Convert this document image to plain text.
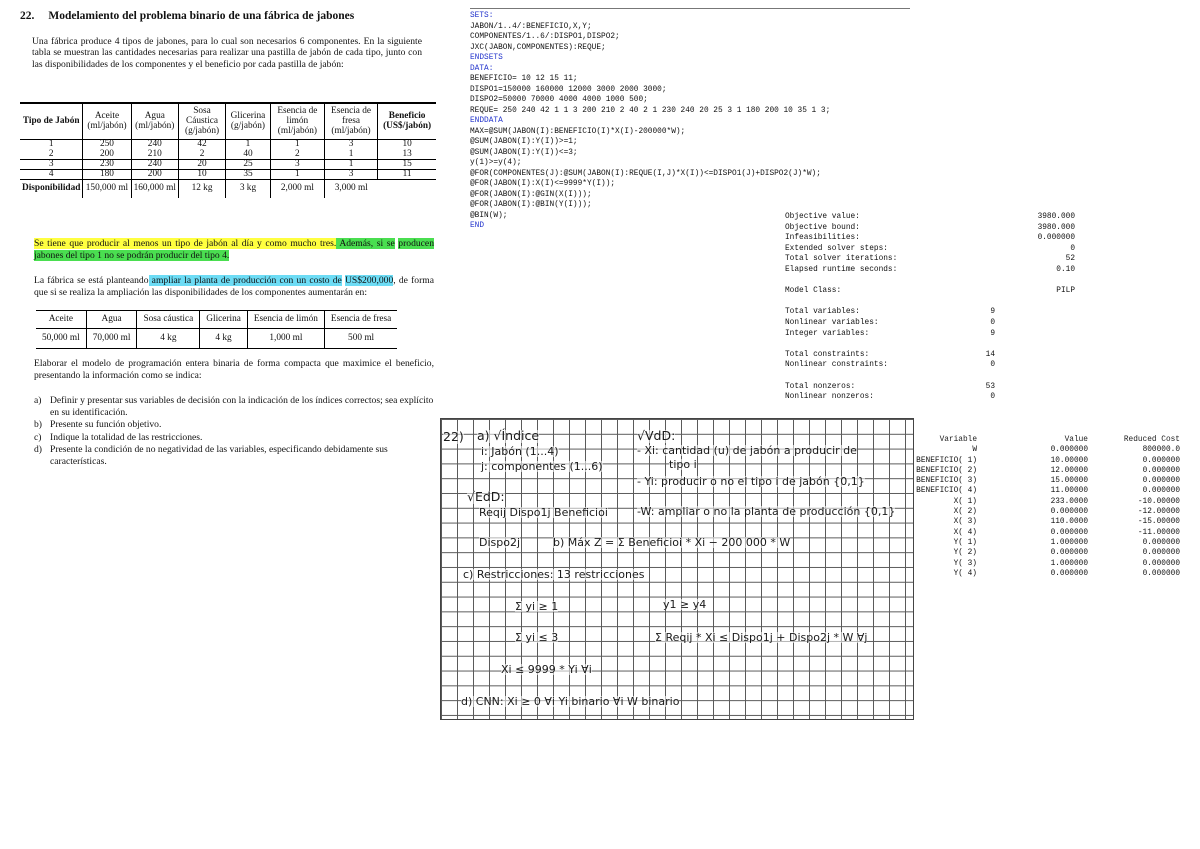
22. Modelamiento del problema binario de una fábrica de jabones

Una fábrica produce 4 tipos de jabones, para lo cual son necesarios 6 componentes. En la siguiente tabla se muestran las cantidades necesarias para realizar una pastilla de jabón de cada tipo, junto con las disponibilidades de los componentes y el beneficio por cada pastilla de jabón:

Tipo de Jabón	Aceite (ml/jabón)	Agua (ml/jabón)	Sosa Cáustica (g/jabón)	Glicerina (g/jabón)	Esencia de limón (ml/jabón)	Esencia de fresa (ml/jabón)	Beneficio (US$/jabón)
1	250	240	42	1	1	3	10
2	200	210	2	40	2	1	13
3	230	240	20	25	3	1	15
4	180	200	10	35	1	3	11
Disponibilidad	150,000 ml	160,000 ml	12 kg	3 kg	2,000 ml	3,000 ml	

Se tiene que producir al menos un tipo de jabón al día y como mucho tres. Además, si se producen jabones del tipo 1 no se podrán producir del tipo 4.

La fábrica se está planteando ampliar la planta de producción con un costo de US$200,000, de forma que si se realiza la ampliación las disponibilidades de los componentes aumentarán en:

Aceite	Agua	Sosa cáustica	Glicerina	Esencia de limón	Esencia de fresa
50,000 ml	70,000 ml	4 kg	4 kg	1,000 ml	500 ml

Elaborar el modelo de programación entera binaria de forma compacta que maximice el beneficio, presentando la información como se indica:

a) Definir y presentar sus variables de decisión con la indicación de los índices correctos; sea explícito en su identificación.
b) Presente su función objetivo.
c) Indique la totalidad de las restricciones.
d) Presente la condición de no negatividad de las variables, especificando debidamente sus características.
SETS:
JABON/1..4/:BENEFICIO,X,Y;
COMPONENTES/1..6/:DISPO1,DISPO2;
JXC(JABON,COMPONENTES):REQUE;
ENDSETS
DATA:
BENEFICIO= 10 12 15 11;
DISPO1=150000 160000 12000 3000 2000 3000;
DISPO2=50000 70000 4000 4000 1000 500;
REQUE= 250 240 42 1 1 3 200 210 2 40 2 1 230 240 20 25 3 1 180 200 10 35 1 3;
ENDDATA
MAX=@SUM(JABON(I):BENEFICIO(I)*X(I)-200000*W);
@SUM(JABON(I):Y(I))>=1;
@SUM(JABON(I):Y(I))<=3;
y(1)>=y(4);
@FOR(COMPONENTES(J):@SUM(JABON(I):REQUE(I,J)*X(I))<=DISPO1(J)+DISPO2(J)*W);
@FOR(JABON(I):X(I)<=9999*Y(I));
@FOR(JABON(I):@GIN(X(I)));
@FOR(JABON(I):@BIN(Y(I)));
@BIN(W);
END
Objective value:	3980.000
Objective bound:	3980.000
Infeasibilities:	0.000000
Extended solver steps:	0
Total solver iterations:	52
Elapsed runtime seconds:	0.10
Model Class:	PILP
Total variables:	9
Nonlinear variables:	0
Integer variables:	9
Total constraints:	14
Nonlinear constraints:	0
Total nonzeros:	53
Nonlinear nonzeros:	0
22) a) √Índice
i: Jabón (1...4)
j: componentes (1...6)
√VdD:
- Xi: cantidad (u) de jabón a producir de
tipo i
- Yi: producir o no el tipo i de jabón {0,1}
√EdD:
Reqij Dispo1j Beneficioi	-W: ampliar o no la planta de producción {0,1}
Dispo2j	b) Máx Z = Σ Beneficioi * Xi − 200 000 * W
c) Restricciones: 13 restricciones
Σ yi ≥ 1	y1 ≥ y4
Σ yi ≤ 3	Σ Reqij * Xi ≤ Dispo1j + Dispo2j * W ∀j
Xi ≤ 9999 * Yi ∀i
d) CNN: Xi ≥ 0 ∀i Yi binario ∀i W binario
Variable	Value	Reduced Cost
W	0.000000	800000.0
BENEFICIO( 1)	10.00000	0.000000
BENEFICIO( 2)	12.00000	0.000000
BENEFICIO( 3)	15.00000	0.000000
BENEFICIO( 4)	11.00000	0.000000
X( 1)	233.0000	-10.00000
X( 2)	0.000000	-12.00000
X( 3)	110.0000	-15.00000
X( 4)	0.000000	-11.00000
Y( 1)	1.000000	0.000000
Y( 2)	0.000000	0.000000
Y( 3)	1.000000	0.000000
Y( 4)	0.000000	0.000000
